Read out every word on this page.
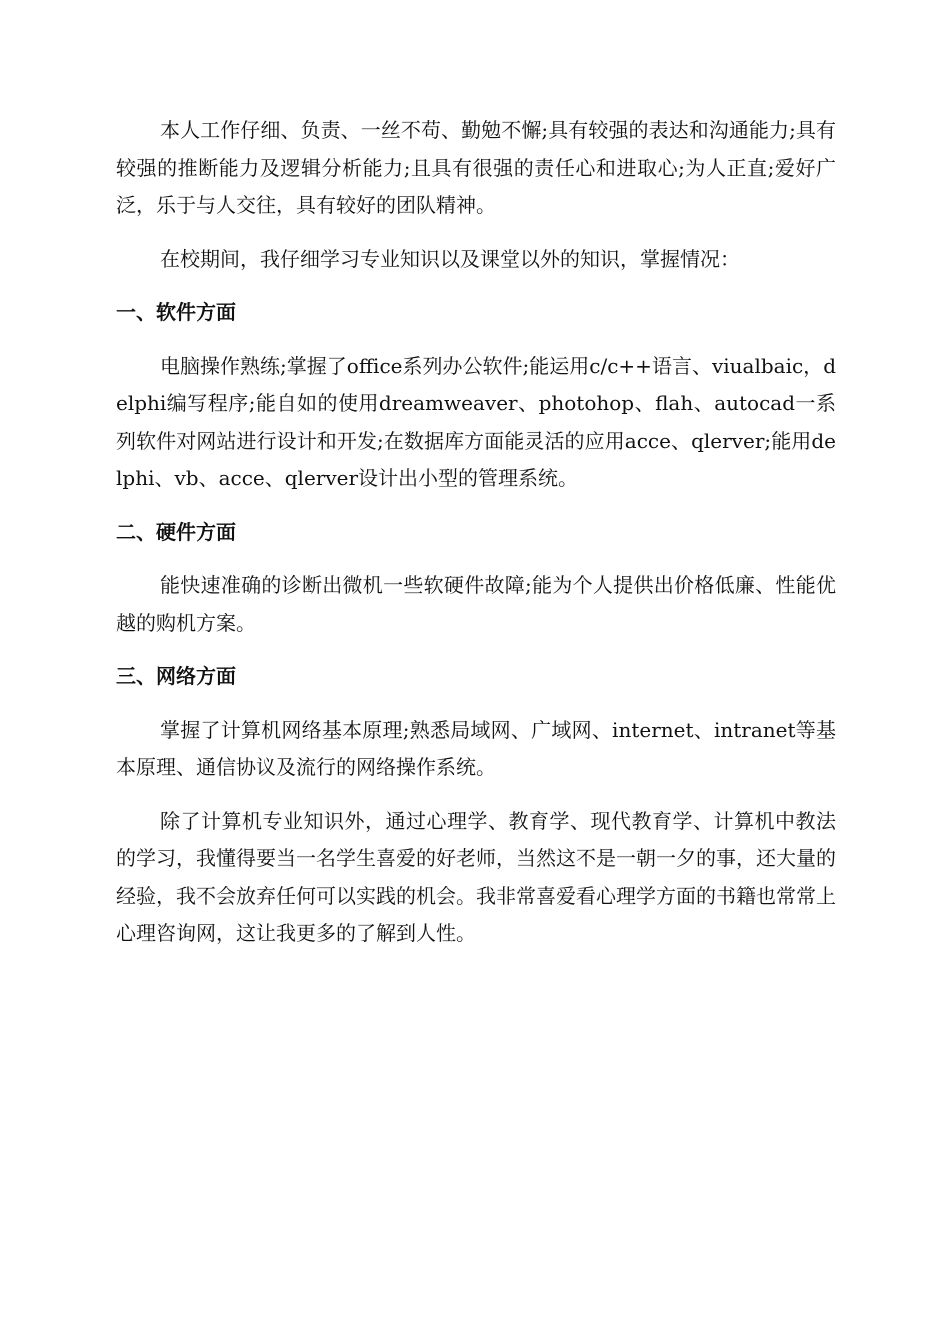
本人工作仔细、负责、一丝不苟、勤勉不懈;具有较强的表达和沟通能力;具有较强的推断能力及逻辑分析能力;且具有很强的责任心和进取心;为人正直;爱好广泛，乐于与人交往，具有较好的团队精神。

在校期间，我仔细学习专业知识以及课堂以外的知识，掌握情况：

一、软件方面

电脑操作熟练;掌握了office系列办公软件;能运用c/c++语言、viualbaic，delphi编写程序;能自如的使用dreamweaver、photohop、flah、autocad一系列软件对网站进行设计和开发;在数据库方面能灵活的应用acce、qlerver;能用delphi、vb、acce、qlerver设计出小型的管理系统。

二、硬件方面

能快速准确的诊断出微机一些软硬件故障;能为个人提供出价格低廉、性能优越的购机方案。

三、网络方面

掌握了计算机网络基本原理;熟悉局域网、广域网、internet、intranet等基本原理、通信协议及流行的网络操作系统。

除了计算机专业知识外，通过心理学、教育学、现代教育学、计算机中教法的学习，我懂得要当一名学生喜爱的好老师，当然这不是一朝一夕的事，还大量的经验，我不会放弃任何可以实践的机会。我非常喜爱看心理学方面的书籍也常常上心理咨询网，这让我更多的了解到人性。
